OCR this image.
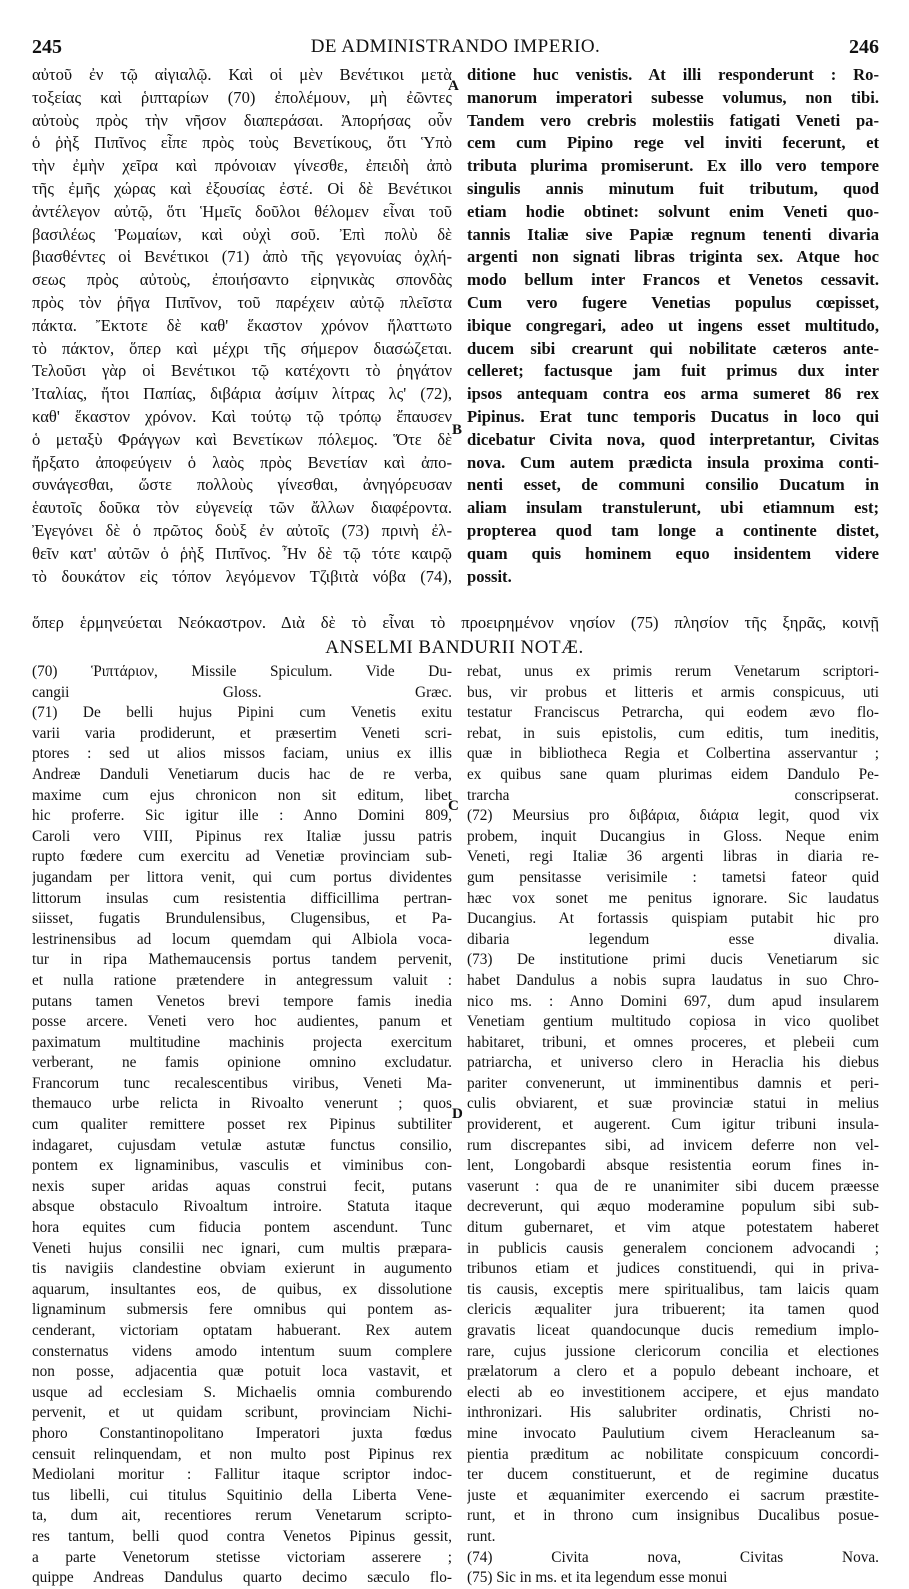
245	DE ADMINISTRANDO IMPERIO.	246
A
B
C
D
αὐτοῦ ἐν τῷ αἰγιαλῷ. Καὶ οἱ μὲν Βενέτικοι μετὰ
τοξείας καὶ ῥιπταρίων (70) ἐπολέμουν, μὴ ἐῶντες
αὐτοὺς πρὸς τὴν νῆσον διαπεράσαι. Ἀπορήσας οὖν
ὁ ῥὴξ Πιπῖνος εἶπε πρὸς τοὺς Βενετίκους, ὅτι Ὑπὸ
τὴν ἐμὴν χεῖρα καὶ πρόνοιαν γίνεσθε, ἐπειδὴ ἀπὸ
τῆς ἐμῆς χώρας καὶ ἐξουσίας ἐστέ. Οἱ δὲ Βενέτικοι
ἀντέλεγον αὐτῷ, ὅτι Ἡμεῖς δοῦλοι θέλομεν εἶναι τοῦ
βασιλέως Ῥωμαίων, καὶ οὐχὶ σοῦ. Ἐπὶ πολὺ δὲ
βιασθέντες οἱ Βενέτικοι (71) ἀπὸ τῆς γεγονυίας ὀχλή-
σεως πρὸς αὐτοὺς, ἐποιήσαντο εἰρηνικὰς σπονδὰς
πρὸς τὸν ῥῆγα Πιπῖνον, τοῦ παρέχειν αὐτῷ πλεῖστα
πάκτα. Ἔκτοτε δὲ καθ' ἕκαστον χρόνον ἥλαττωτο
τὸ πάκτον, ὅπερ καὶ μέχρι τῆς σήμερον διασώζεται.
Τελοῦσι γὰρ οἱ Βενέτικοι τῷ κατέχοντι τὸ ῥηγάτον
Ἰταλίας, ἤτοι Παπίας, διβάρια ἀσίμιν λίτρας λς' (72),
καθ' ἕκαστον χρόνον. Καὶ τούτῳ τῷ τρόπῳ ἔπαυσεν
ὁ μεταξὺ Φράγγων καὶ Βενετίκων πόλεμος. Ὅτε δὲ
ἤρξατο ἀποφεύγειν ὁ λαὸς πρὸς Βενετίαν καὶ ἀπο-
συνάγεσθαι, ὥστε πολλοὺς γίνεσθαι, ἀνηγόρευσαν
ἑαυτοῖς δοῦκα τὸν εὐγενείᾳ τῶν ἄλλων διαφέροντα.
Ἐγεγόνει δὲ ὁ πρῶτος δοὺξ ἐν αὐτοῖς (73) πρινὴ ἐλ-
θεῖν κατ' αὐτῶν ὁ ῥὴξ Πιπῖνος. Ἦν δὲ τῷ τότε καιρῷ
τὸ δουκάτον εἰς τόπον λεγόμενον Τζιβιτὰ νόβα (74),
ditione huc venistis. At illi responderunt : Ro-
manorum imperatori subesse volumus, non tibi.
Tandem vero crebris molestiis fatigati Veneti pa-
cem cum Pipino rege vel inviti fecerunt, et
tributa plurima promiserunt. Ex illo vero tempore
singulis annis minutum fuit tributum, quod
etiam hodie obtinet: solvunt enim Veneti quo-
tannis Italiæ sive Papiæ regnum tenenti divaria
argenti non signati libras triginta sex. Atque hoc
modo bellum inter Francos et Venetos cessavit.
Cum vero fugere Venetias populus cœpisset,
ibique congregari, adeo ut ingens esset multitudo,
ducem sibi crearunt qui nobilitate cæteros ante-
celleret; factusque jam fuit primus dux inter
ipsos antequam contra eos arma sumeret 86 rex
Pipinus. Erat tunc temporis Ducatus in loco qui
dicebatur Civita nova, quod interpretantur, Civitas
nova. Cum autem prædicta insula proxima conti-
nenti esset, de communi consilio Ducatum in
aliam insulam transtulerunt, ubi etiamnum est;
propterea quod tam longe a continente distet,
quam quis hominem equo insidentem videre
possit.
ὅπερ ἑρμηνεύεται Νεόκαστρον. Διὰ δὲ τὸ εἶναι τὸ προειρημένον νησίον (75) πλησίον τῆς ξηρᾶς, κοινῇ
ANSELMI BANDURII NOTÆ.
(70) Ῥιπτάριον, Missile Spiculum. Vide Du-
cangii Gloss. Græc.
(71) De belli hujus Pipini cum Venetis exitu
varii varia prodiderunt, et præsertim Veneti scri-
ptores : sed ut alios missos faciam, unius ex illis
Andreæ Danduli Venetiarum ducis hac de re verba,
maxime cum ejus chronicon non sit editum, libet
hic proferre. Sic igitur ille : Anno Domini 809,
Caroli vero VIII, Pipinus rex Italiæ jussu patris
rupto fœdere cum exercitu ad Venetiæ provinciam sub-
jugandam per littora venit, qui cum portus dividentes
littorum insulas cum resistentia difficillima pertran-
siisset, fugatis Brundulensibus, Clugensibus, et Pa-
lestrinensibus ad locum quemdam qui Albiola voca-
tur in ripa Mathemaucensis portus tandem pervenit,
et nulla ratione prætendere in antegressum valuit :
putans tamen Venetos brevi tempore famis inedia
posse arcere. Veneti vero hoc audientes, panum et
paximatum multitudine machinis projecta exercitum
verberant, ne famis opinione omnino excludatur.
Francorum tunc recalescentibus viribus, Veneti Ma-
themauco urbe relicta in Rivoalto venerunt ; quos
cum qualiter remittere posset rex Pipinus subtiliter
indagaret, cujusdam vetulæ astutæ functus consilio,
pontem ex lignaminibus, vasculis et viminibus con-
nexis super aridas aquas construi fecit, putans
absque obstaculo Rivoaltum introire. Statuta itaque
hora equites cum fiducia pontem ascendunt. Tunc
Veneti hujus consilii nec ignari, cum multis præpara-
tis navigiis clandestine obviam exierunt in augumento
aquarum, insultantes eos, de quibus, ex dissolutione
lignaminum submersis fere omnibus qui pontem as-
cenderant, victoriam optatam habuerant. Rex autem
consternatus videns amodo intentum suum complere
non posse, adjacentia quæ potuit loca vastavit, et
usque ad ecclesiam S. Michaelis omnia comburendo
pervenit, et ut quidam scribunt, provinciam Nichi-
phoro Constantinopolitano Imperatori juxta fœdus
censuit relinquendam, et non multo post Pipinus rex
Mediolani moritur : Fallitur itaque scriptor indoc-
tus libelli, cui titulus Squitinio della Liberta Vene-
ta, dum ait, recentiores rerum Venetarum scripto-
res tantum, belli quod contra Venetos Pipinus gessit,
a parte Venetorum stetisse victoriam asserere ;
quippe Andreas Dandulus quarto decimo sæculo flo-
rebat, unus ex primis rerum Venetarum scriptori-
bus, vir probus et litteris et armis conspicuus, uti
testatur Franciscus Petrarcha, qui eodem ævo flo-
rebat, in suis epistolis, cum editis, tum ineditis,
quæ in bibliotheca Regia et Colbertina asservantur ;
ex quibus sane quam plurimas eidem Dandulo Pe-
trarcha conscripserat.
(72) Meursius pro διβάρια, διάρια legit, quod vix
probem, inquit Ducangius in Gloss. Neque enim
Veneti, regi Italiæ 36 argenti libras in diaria re-
gum pensitasse verisimile : tametsi fateor quid
hæc vox sonet me penitus ignorare. Sic laudatus
Ducangius. At fortassis quispiam putabit hic pro
dibaria legendum esse divalia.
(73) De institutione primi ducis Venetiarum sic
habet Dandulus a nobis supra laudatus in suo Chro-
nico ms. : Anno Domini 697, dum apud insularem
Venetiam gentium multitudo copiosa in vico quolibet
habitaret, tribuni, et omnes proceres, et plebeii cum
patriarcha, et universo clero in Heraclia his diebus
pariter convenerunt, ut imminentibus damnis et peri-
culis obviarent, et suæ provinciæ statui in melius
providerent, et augerent. Cum igitur tribuni insula-
rum discrepantes sibi, ad invicem deferre non vel-
lent, Longobardi absque resistentia eorum fines in-
vaserunt : qua de re unanimiter sibi ducem præesse
decreverunt, qui æquo moderamine populum sibi sub-
ditum gubernaret, et vim atque potestatem haberet
in publicis causis generalem concionem advocandi ;
tribunos etiam et judices constituendi, qui in priva-
tis causis, exceptis mere spiritualibus, tam laicis quam
clericis æqualiter jura tribuerent; ita tamen quod
gravatis liceat quandocunque ducis remedium implo-
rare, cujus jussione clericorum concilia et electiones
prælatorum a clero et a populo debeant inchoare, et
electi ab eo investitionem accipere, et ejus mandato
inthronizari. His salubriter ordinatis, Christi no-
mine invocato Paulutium civem Heracleanum sa-
pientia præditum ac nobilitate conspicuum concordi-
ter ducem constituerunt, et de regimine ducatus
juste et æquanimiter exercendo ei sacrum præstite-
runt, et in throno cum insignibus Ducalibus posue-
runt.
(74) Civita nova, Civitas Nova.
(75) Sic in ms. et ita legendum esse monui
